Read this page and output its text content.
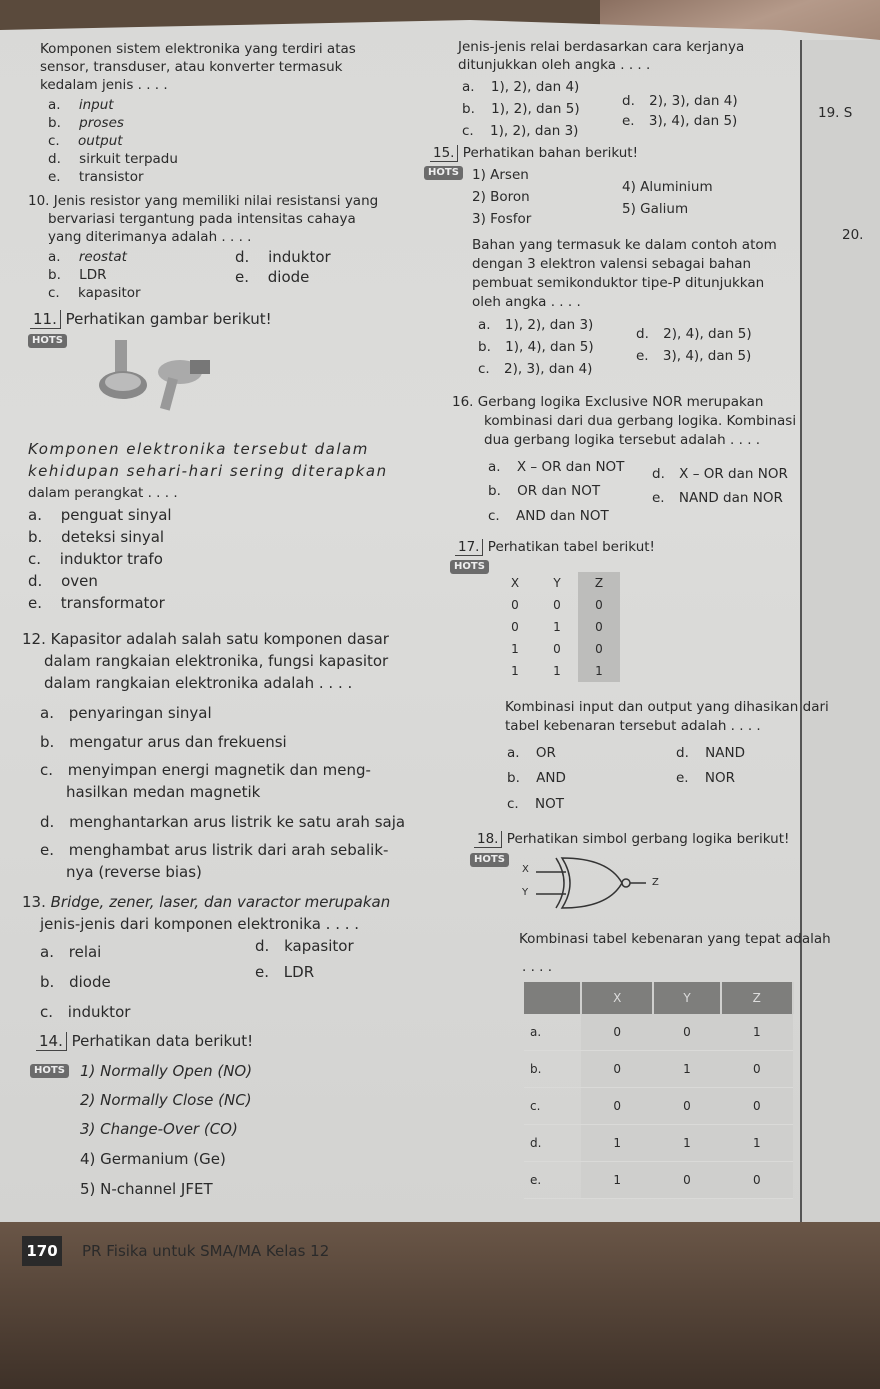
19. S
20.
Komponen sistem elektronika yang terdiri atas
sensor, transduser, atau konverter termasuk
kedalam jenis . . . .
a. input
b. proses
c. output
d. sirkuit terpadu
e. transistor
10. Jenis resistor yang memiliki nilai resistansi yang
bervariasi tergantung pada intensitas cahaya
yang diterimanya adalah . . . .
a. reostat
b. LDR
c. kapasitor
d. induktor
e. diode
11. Perhatikan gambar berikut!
HOTS
Komponen elektronika tersebut dalam
kehidupan sehari-hari sering diterapkan
dalam perangkat . . . .
a. penguat sinyal
b. deteksi sinyal
c. induktor trafo
d. oven
e. transformator
12. Kapasitor adalah salah satu komponen dasar
dalam rangkaian elektronika, fungsi kapasitor
dalam rangkaian elektronika adalah . . . .
a. penyaringan sinyal
b. mengatur arus dan frekuensi
c. menyimpan energi magnetik dan meng-
hasilkan medan magnetik
d. menghantarkan arus listrik ke satu arah saja
e. menghambat arus listrik dari arah sebalik-
nya (reverse bias)
13. Bridge, zener, laser, dan varactor merupakan
jenis-jenis dari komponen elektronika . . . .
a. relai
b. diode
c. induktor
d. kapasitor
e. LDR
14. Perhatikan data berikut!
HOTS 1) Normally Open (NO)
2) Normally Close (NC)
3) Change-Over (CO)
4) Germanium (Ge)
5) N-channel JFET
Jenis-jenis relai berdasarkan cara kerjanya
ditunjukkan oleh angka . . . .
a. 1), 2), dan 4)
b. 1), 2), dan 5)
c. 1), 2), dan 3)
d. 2), 3), dan 4)
e. 3), 4), dan 5)
15. Perhatikan bahan berikut!
HOTS 1) Arsen
2) Boron
3) Fosfor
4) Aluminium
5) Galium
Bahan yang termasuk ke dalam contoh atom
dengan 3 elektron valensi sebagai bahan
pembuat semikonduktor tipe-P ditunjukkan
oleh angka . . . .
a. 1), 2), dan 3)
b. 1), 4), dan 5)
c. 2), 3), dan 4)
d. 2), 4), dan 5)
e. 3), 4), dan 5)
16. Gerbang logika Exclusive NOR merupakan
kombinasi dari dua gerbang logika. Kombinasi
dua gerbang logika tersebut adalah . . . .
a. X – OR dan NOT
b. OR dan NOT
c. AND dan NOT
d. X – OR dan NOR
e. NAND dan NOR
17. Perhatikan tabel berikut!
HOTS
X	Y	Z
0	0	0
0	1	0
1	0	0
1	1	1
Kombinasi input dan output yang dihasikan dari
tabel kebenaran tersebut adalah . . . .
a. OR
b. AND
c. NOT
d. NAND
e. NOR
18. Perhatikan simbol gerbang logika berikut!
HOTS
X
Y
Z
Kombinasi tabel kebenaran yang tepat adalah
. . . .
	X	Y	Z
a.	0	0	1
b.	0	1	0
c.	0	0	0
d.	1	1	1
e.	1	0	0
170 PR Fisika untuk SMA/MA Kelas 12
